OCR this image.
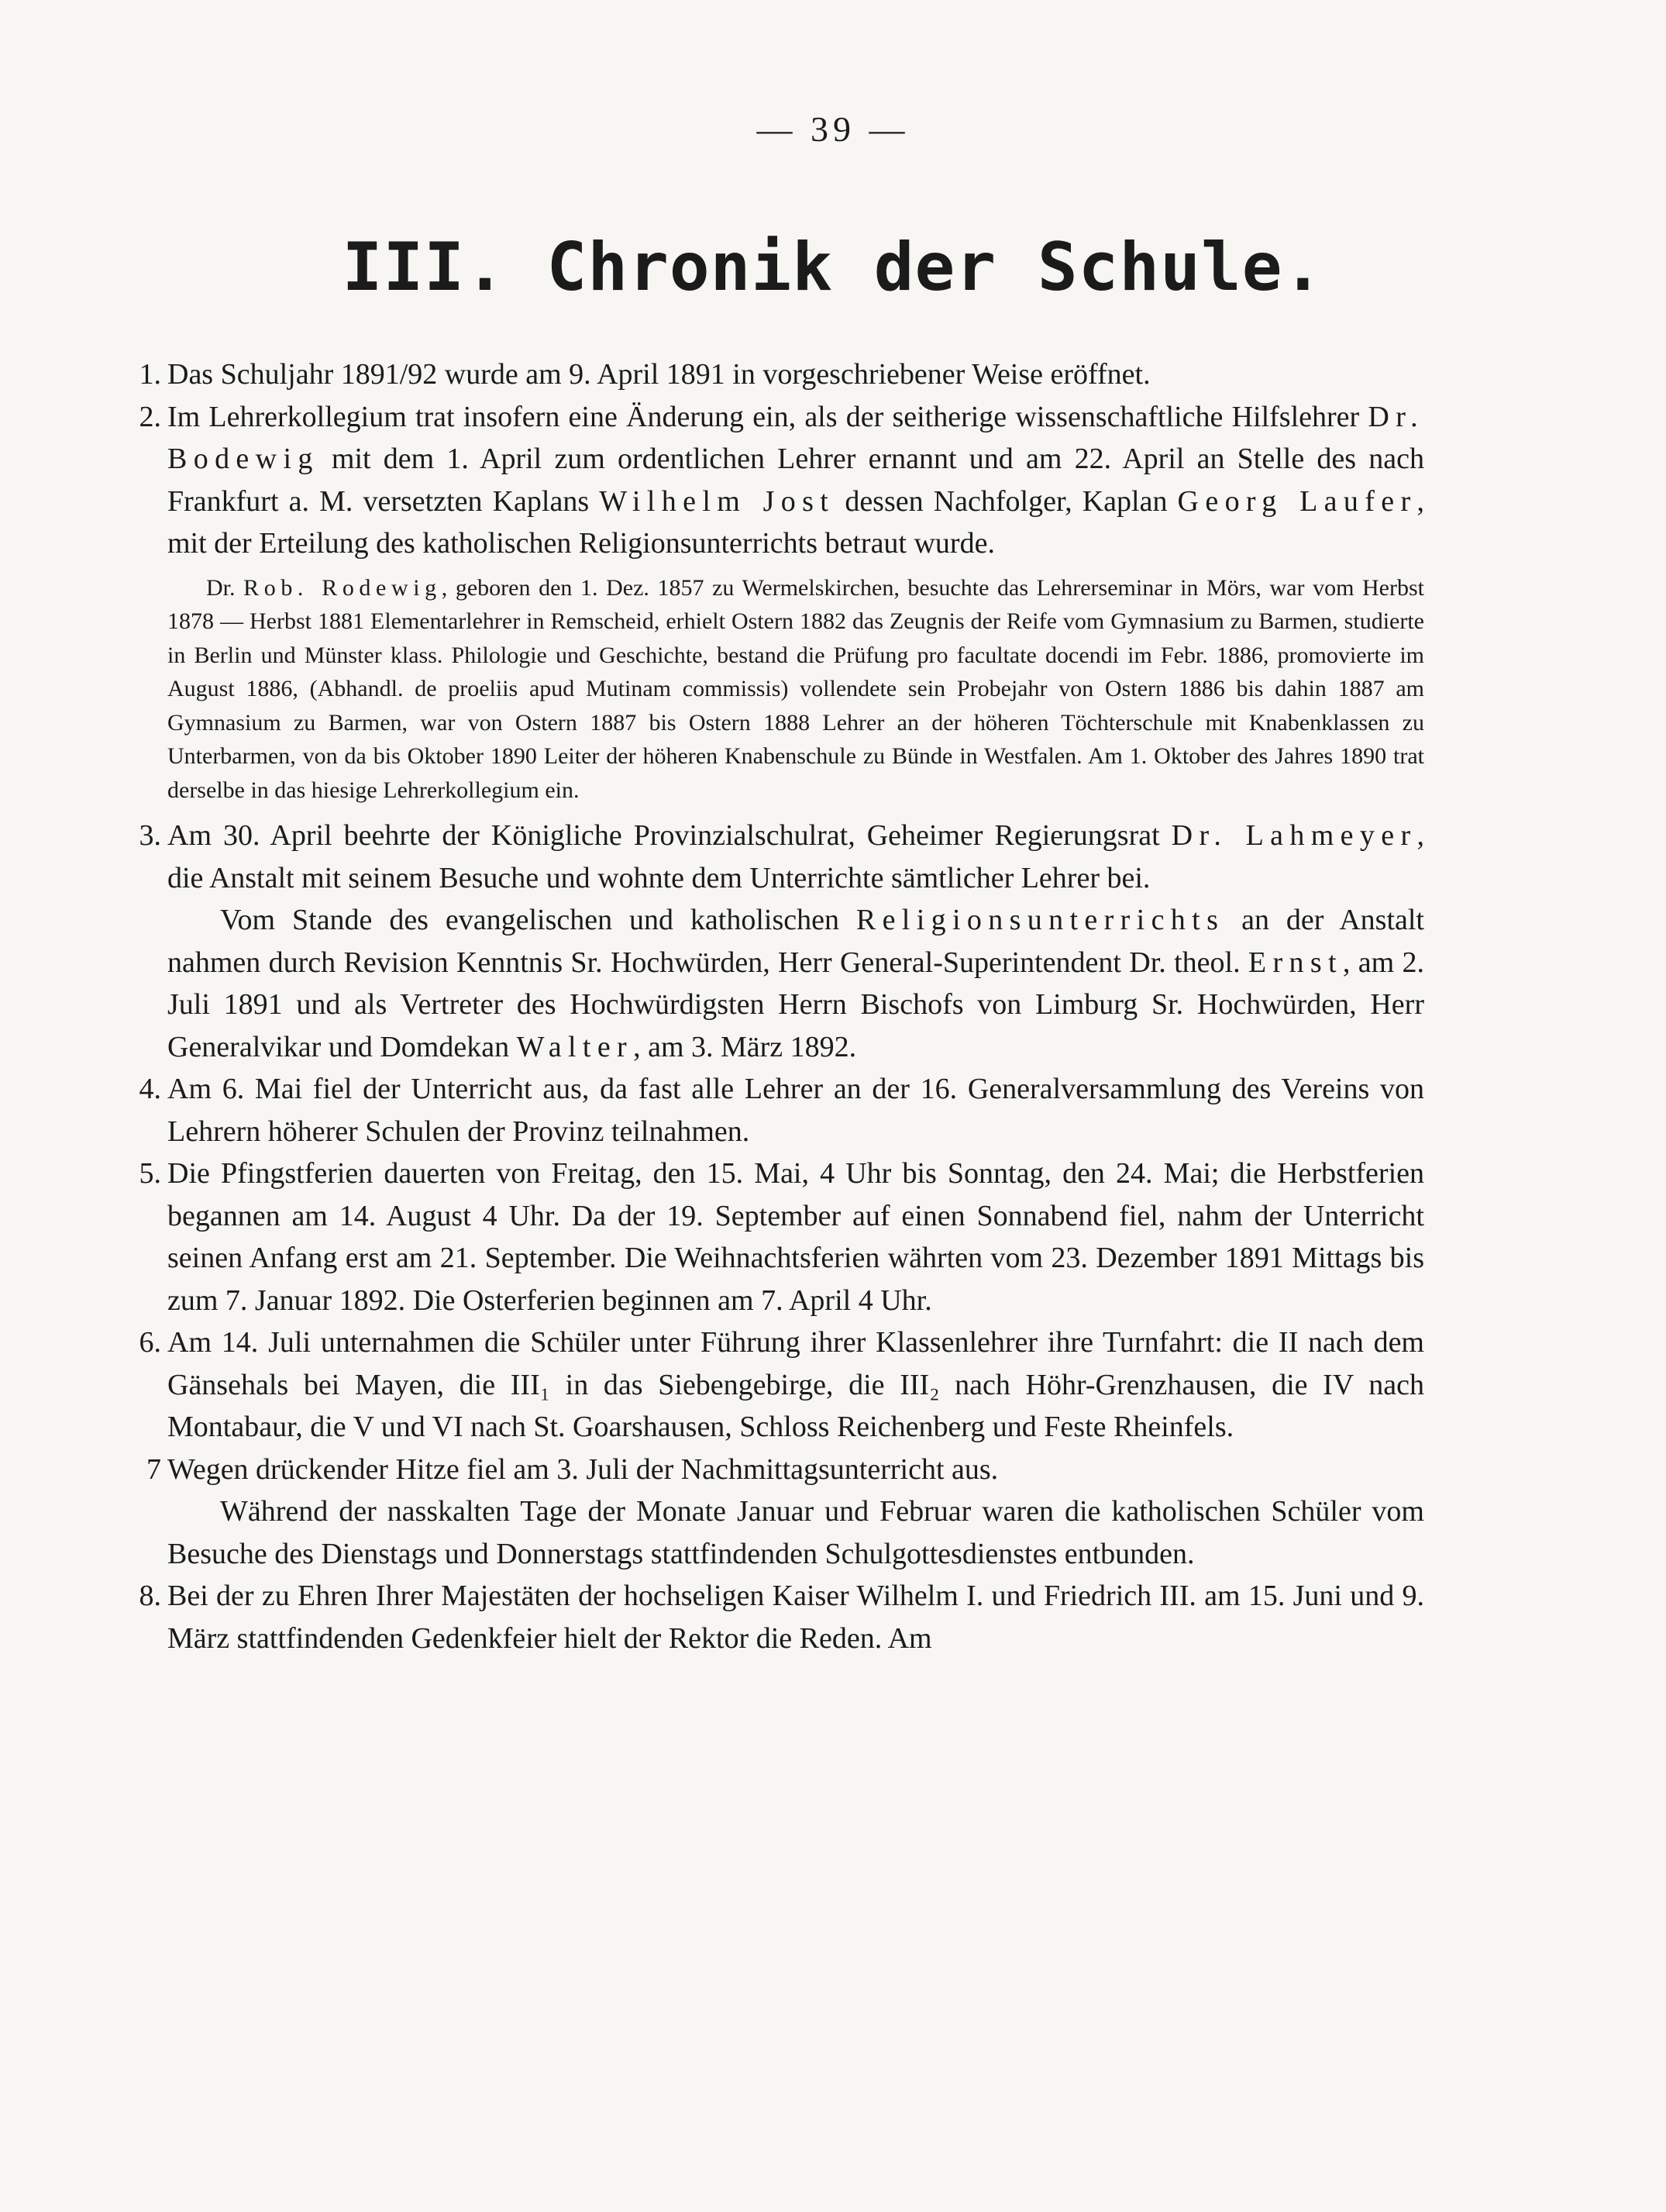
— 39 —
III. Chronik der Schule.
1. Das Schuljahr 1891/92 wurde am 9. April 1891 in vorgeschriebener Weise eröffnet.

2. Im Lehrerkollegium trat insofern eine Änderung ein, als der seitherige wissenschaftliche Hilfslehrer Dr. Bodewig mit dem 1. April zum ordentlichen Lehrer ernannt und am 22. April an Stelle des nach Frankfurt a. M. versetzten Kaplans Wilhelm Jost dessen Nachfolger, Kaplan Georg Laufer, mit der Erteilung des katholischen Religionsunterrichts betraut wurde.

Dr. Rob. Rodewig, geboren den 1. Dez. 1857 zu Wermelskirchen, besuchte das Lehrerseminar in Mörs, war vom Herbst 1878 — Herbst 1881 Elementarlehrer in Remscheid, erhielt Ostern 1882 das Zeugnis der Reife vom Gymnasium zu Barmen, studierte in Berlin und Münster klass. Philologie und Geschichte, bestand die Prüfung pro facultate docendi im Febr. 1886, promovierte im August 1886, (Abhandl. de proeliis apud Mutinam commissis) vollendete sein Probejahr von Ostern 1886 bis dahin 1887 am Gymnasium zu Barmen, war von Ostern 1887 bis Ostern 1888 Lehrer an der höheren Töchterschule mit Knabenklassen zu Unterbarmen, von da bis Oktober 1890 Leiter der höheren Knabenschule zu Bünde in Westfalen. Am 1. Oktober des Jahres 1890 trat derselbe in das hiesige Lehrerkollegium ein.

3. Am 30. April beehrte der Königliche Provinzialschulrat, Geheimer Regierungsrat Dr. Lahmeyer, die Anstalt mit seinem Besuche und wohnte dem Unterrichte sämtlicher Lehrer bei.

Vom Stande des evangelischen und katholischen Religionsunterrichts an der Anstalt nahmen durch Revision Kenntnis Sr. Hochwürden, Herr General-Superintendent Dr. theol. Ernst, am 2. Juli 1891 und als Vertreter des Hochwürdigsten Herrn Bischofs von Limburg Sr. Hochwürden, Herr Generalvikar und Domdekan Walter, am 3. März 1892.

4. Am 6. Mai fiel der Unterricht aus, da fast alle Lehrer an der 16. Generalversammlung des Vereins von Lehrern höherer Schulen der Provinz teilnahmen.

5. Die Pfingstferien dauerten von Freitag, den 15. Mai, 4 Uhr bis Sonntag, den 24. Mai; die Herbstferien begannen am 14. August 4 Uhr. Da der 19. September auf einen Sonnabend fiel, nahm der Unterricht seinen Anfang erst am 21. September. Die Weihnachtsferien währten vom 23. Dezember 1891 Mittags bis zum 7. Januar 1892. Die Osterferien beginnen am 7. April 4 Uhr.

6. Am 14. Juli unternahmen die Schüler unter Führung ihrer Klassenlehrer ihre Turnfahrt: die II nach dem Gänsehals bei Mayen, die III₁ in das Siebengebirge, die III₂ nach Höhr-Grenzhausen, die IV nach Montabaur, die V und VI nach St. Goarshausen, Schloss Reichenberg und Feste Rheinfels.

7 Wegen drückender Hitze fiel am 3. Juli der Nachmittagsunterricht aus.

Während der nasskalten Tage der Monate Januar und Februar waren die katholischen Schüler vom Besuche des Dienstags und Donnerstags stattfindenden Schulgottesdienstes entbunden.

8. Bei der zu Ehren Ihrer Majestäten der hochseligen Kaiser Wilhelm I. und Friedrich III. am 15. Juni und 9. März stattfindenden Gedenkfeier hielt der Rektor die Reden. Am
